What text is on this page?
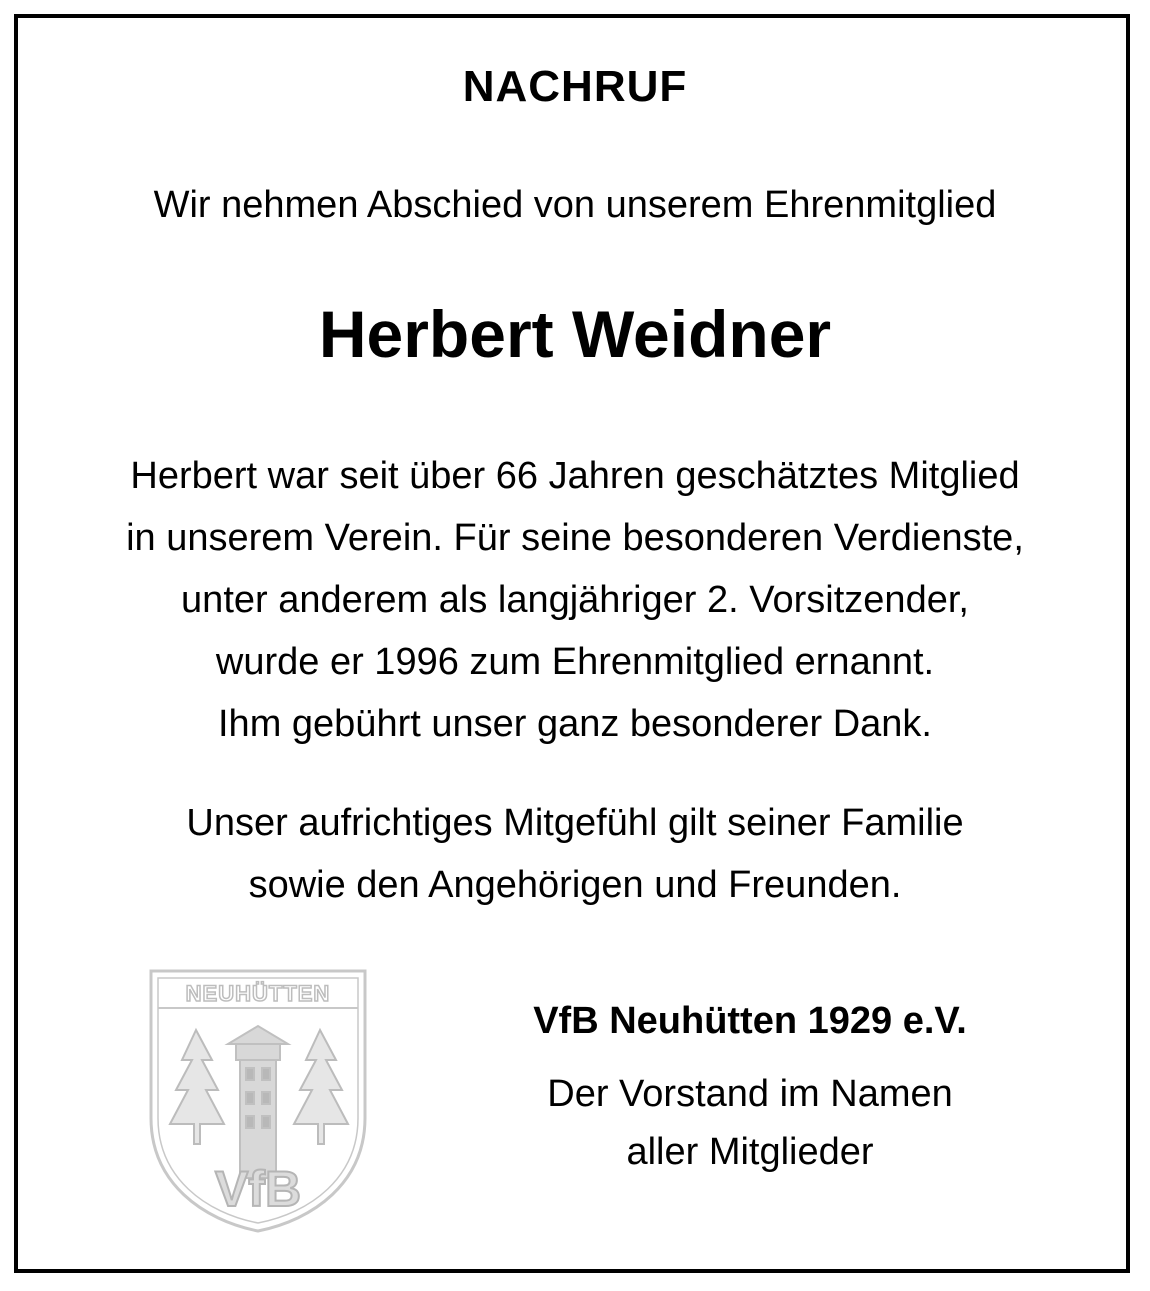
NACHRUF
Wir nehmen Abschied von unserem Ehrenmitglied
Herbert Weidner
Herbert war seit über 66 Jahren geschätztes Mitglied
in unserem Verein. Für seine besonderen Verdienste,
unter anderem als langjähriger 2. Vorsitzender,
wurde er 1996 zum Ehrenmitglied ernannt.
Ihm gebührt unser ganz besonderer Dank.
Unser aufrichtiges Mitgefühl gilt seiner Familie
sowie den Angehörigen und Freunden.
NEUHÜTTEN
VfB
VfB Neuhütten 1929 e.V.
Der Vorstand im Namen
aller Mitglieder
